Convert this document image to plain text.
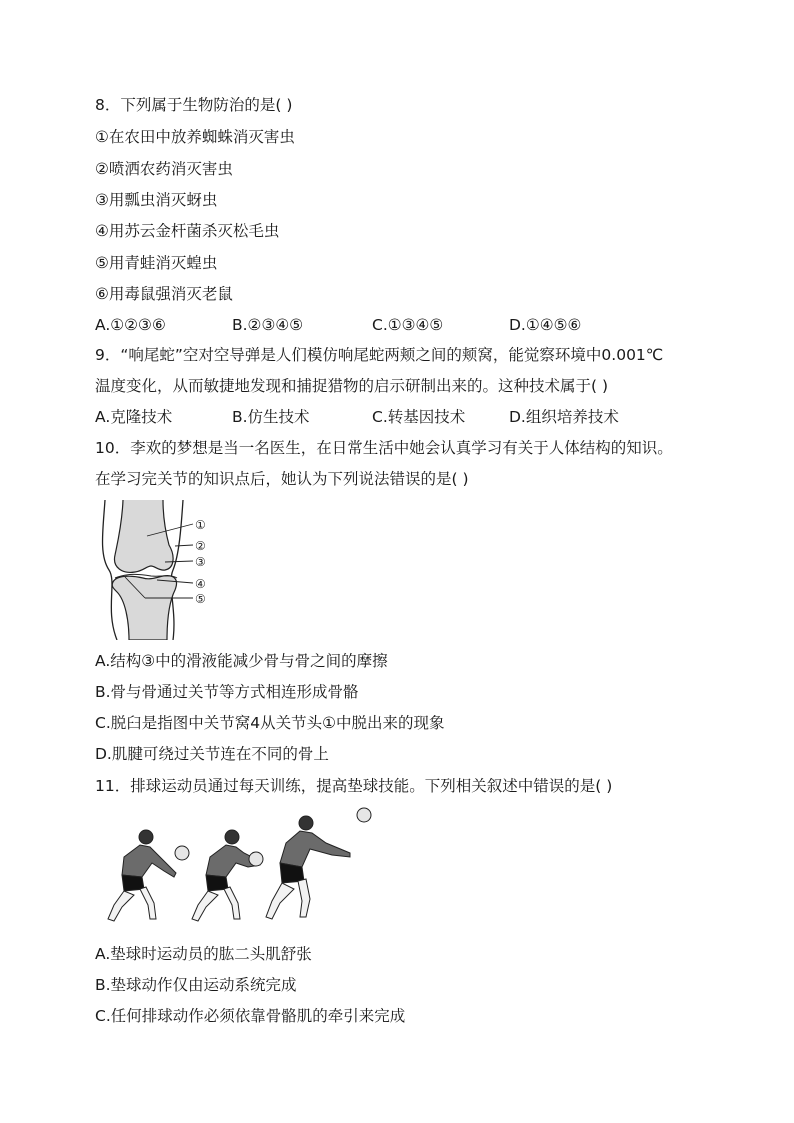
8．下列属于生物防治的是( )
①在农田中放养蜘蛛消灭害虫
②喷洒农药消灭害虫
③用瓢虫消灭蚜虫
④用苏云金杆菌杀灭松毛虫
⑤用青蛙消灭蝗虫
⑥用毒鼠强消灭老鼠
A.①②③⑥	B.②③④⑤	C.①③④⑤	D.①④⑤⑥
9．“响尾蛇”空对空导弹是人们模仿响尾蛇两颊之间的颊窝，能觉察环境中0.001℃
温度变化，从而敏捷地发现和捕捉猎物的启示研制出来的。这种技术属于( )
A.克隆技术	B.仿生技术	C.转基因技术	D.组织培养技术
10．李欢的梦想是当一名医生，在日常生活中她会认真学习有关于人体结构的知识。
在学习完关节的知识点后，她认为下列说法错误的是( )
①
②
③
④
⑤
A.结构③中的滑液能减少骨与骨之间的摩擦
B.骨与骨通过关节等方式相连形成骨骼
C.脱臼是指图中关节窝4从关节头①中脱出来的现象
D.肌腱可绕过关节连在不同的骨上
11．排球运动员通过每天训练，提高垫球技能。下列相关叙述中错误的是( )
A.垫球时运动员的肱二头肌舒张
B.垫球动作仅由运动系统完成
C.任何排球动作必须依靠骨骼肌的牵引来完成
